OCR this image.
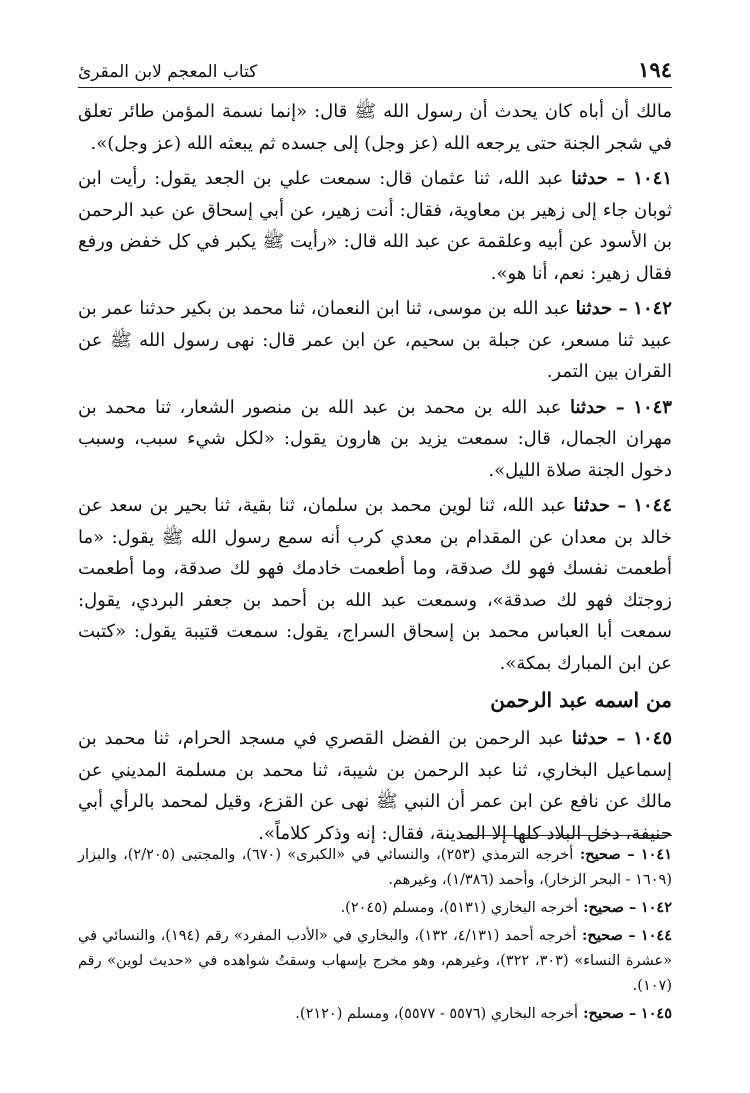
١٩٤
كتاب المعجم لابن المقرئ

مالك أن أباه كان يحدث أن رسول الله ﷺ قال: «إنما نسمة المؤمن طائر تعلق في شجر الجنة حتى يرجعه الله (عز وجل) إلى جسده ثم يبعثه الله (عز وجل)».

١٠٤١ – حدثنا عبد الله، ثنا عثمان قال: سمعت علي بن الجعد يقول: رأيت ابن ثوبان جاء إلى زهير بن معاوية، فقال: أنت زهير، عن أبي إسحاق عن عبد الرحمن بن الأسود عن أبيه وعلقمة عن عبد الله قال: «رأيت ﷺ يكبر في كل خفض ورفع فقال زهير: نعم، أنا هو».

١٠٤٢ – حدثنا عبد الله بن موسى، ثنا ابن النعمان، ثنا محمد بن بكير حدثنا عمر بن عبيد ثنا مسعر، عن جبلة بن سحيم، عن ابن عمر قال: نهى رسول الله ﷺ عن القران بين التمر.

١٠٤٣ – حدثنا عبد الله بن محمد بن عبد الله بن منصور الشعار، ثنا محمد بن مهران الجمال، قال: سمعت يزيد بن هارون يقول: «لكل شيء سبب، وسبب دخول الجنة صلاة الليل».

١٠٤٤ – حدثنا عبد الله، ثنا لوين محمد بن سلمان، ثنا بقية، ثنا بحير بن سعد عن خالد بن معدان عن المقدام بن معدي كرب أنه سمع رسول الله ﷺ يقول: «ما أطعمت نفسك فهو لك صدقة، وما أطعمت خادمك فهو لك صدقة، وما أطعمت زوجتك فهو لك صدقة»، وسمعت عبد الله بن أحمد بن جعفر البردي، يقول: سمعت أبا العباس محمد بن إسحاق السراج، يقول: سمعت قتيبة يقول: «كتبت عن ابن المبارك بمكة».

من اسمه عبد الرحمن

١٠٤٥ – حدثنا عبد الرحمن بن الفضل القصري في مسجد الحرام، ثنا محمد بن إسماعيل البخاري، ثنا عبد الرحمن بن شيبة، ثنا محمد بن مسلمة المديني عن مالك عن نافع عن ابن عمر أن النبي ﷺ نهى عن القزع، وقيل لمحمد بالرأي أبي حنيفة، دخل البلاد كلها إلا المدينة، فقال: إنه وذكر كلاماً».

١٠٤١ – صحيح: أخرجه الترمذي (٢٥٣)، والنسائي في «الكبرى» (٦٧٠)، والمجتبى (٢/٢٠٥)، والبزار (١٦٠٩ - البحر الزخار)، وأحمد (١/٣٨٦)، وغيرهم.

١٠٤٢ – صحيح: أخرجه البخاري (٥١٣١)، ومسلم (٢٠٤٥).

١٠٤٤ – صحيح: أخرجه أحمد (٤/١٣١، ١٣٢)، والبخاري في «الأدب المفرد» رقم (١٩٤)، والنسائي في «عشرة النساء» (٣٠٣، ٣٢٢)، وغيرهم، وهو مخرج بإسهاب وسقتُ شواهده في «حديث لوين» رقم (١٠٧).

١٠٤٥ – صحيح: أخرجه البخاري (٥٥٧٦ - ٥٥٧٧)، ومسلم (٢١٢٠).
